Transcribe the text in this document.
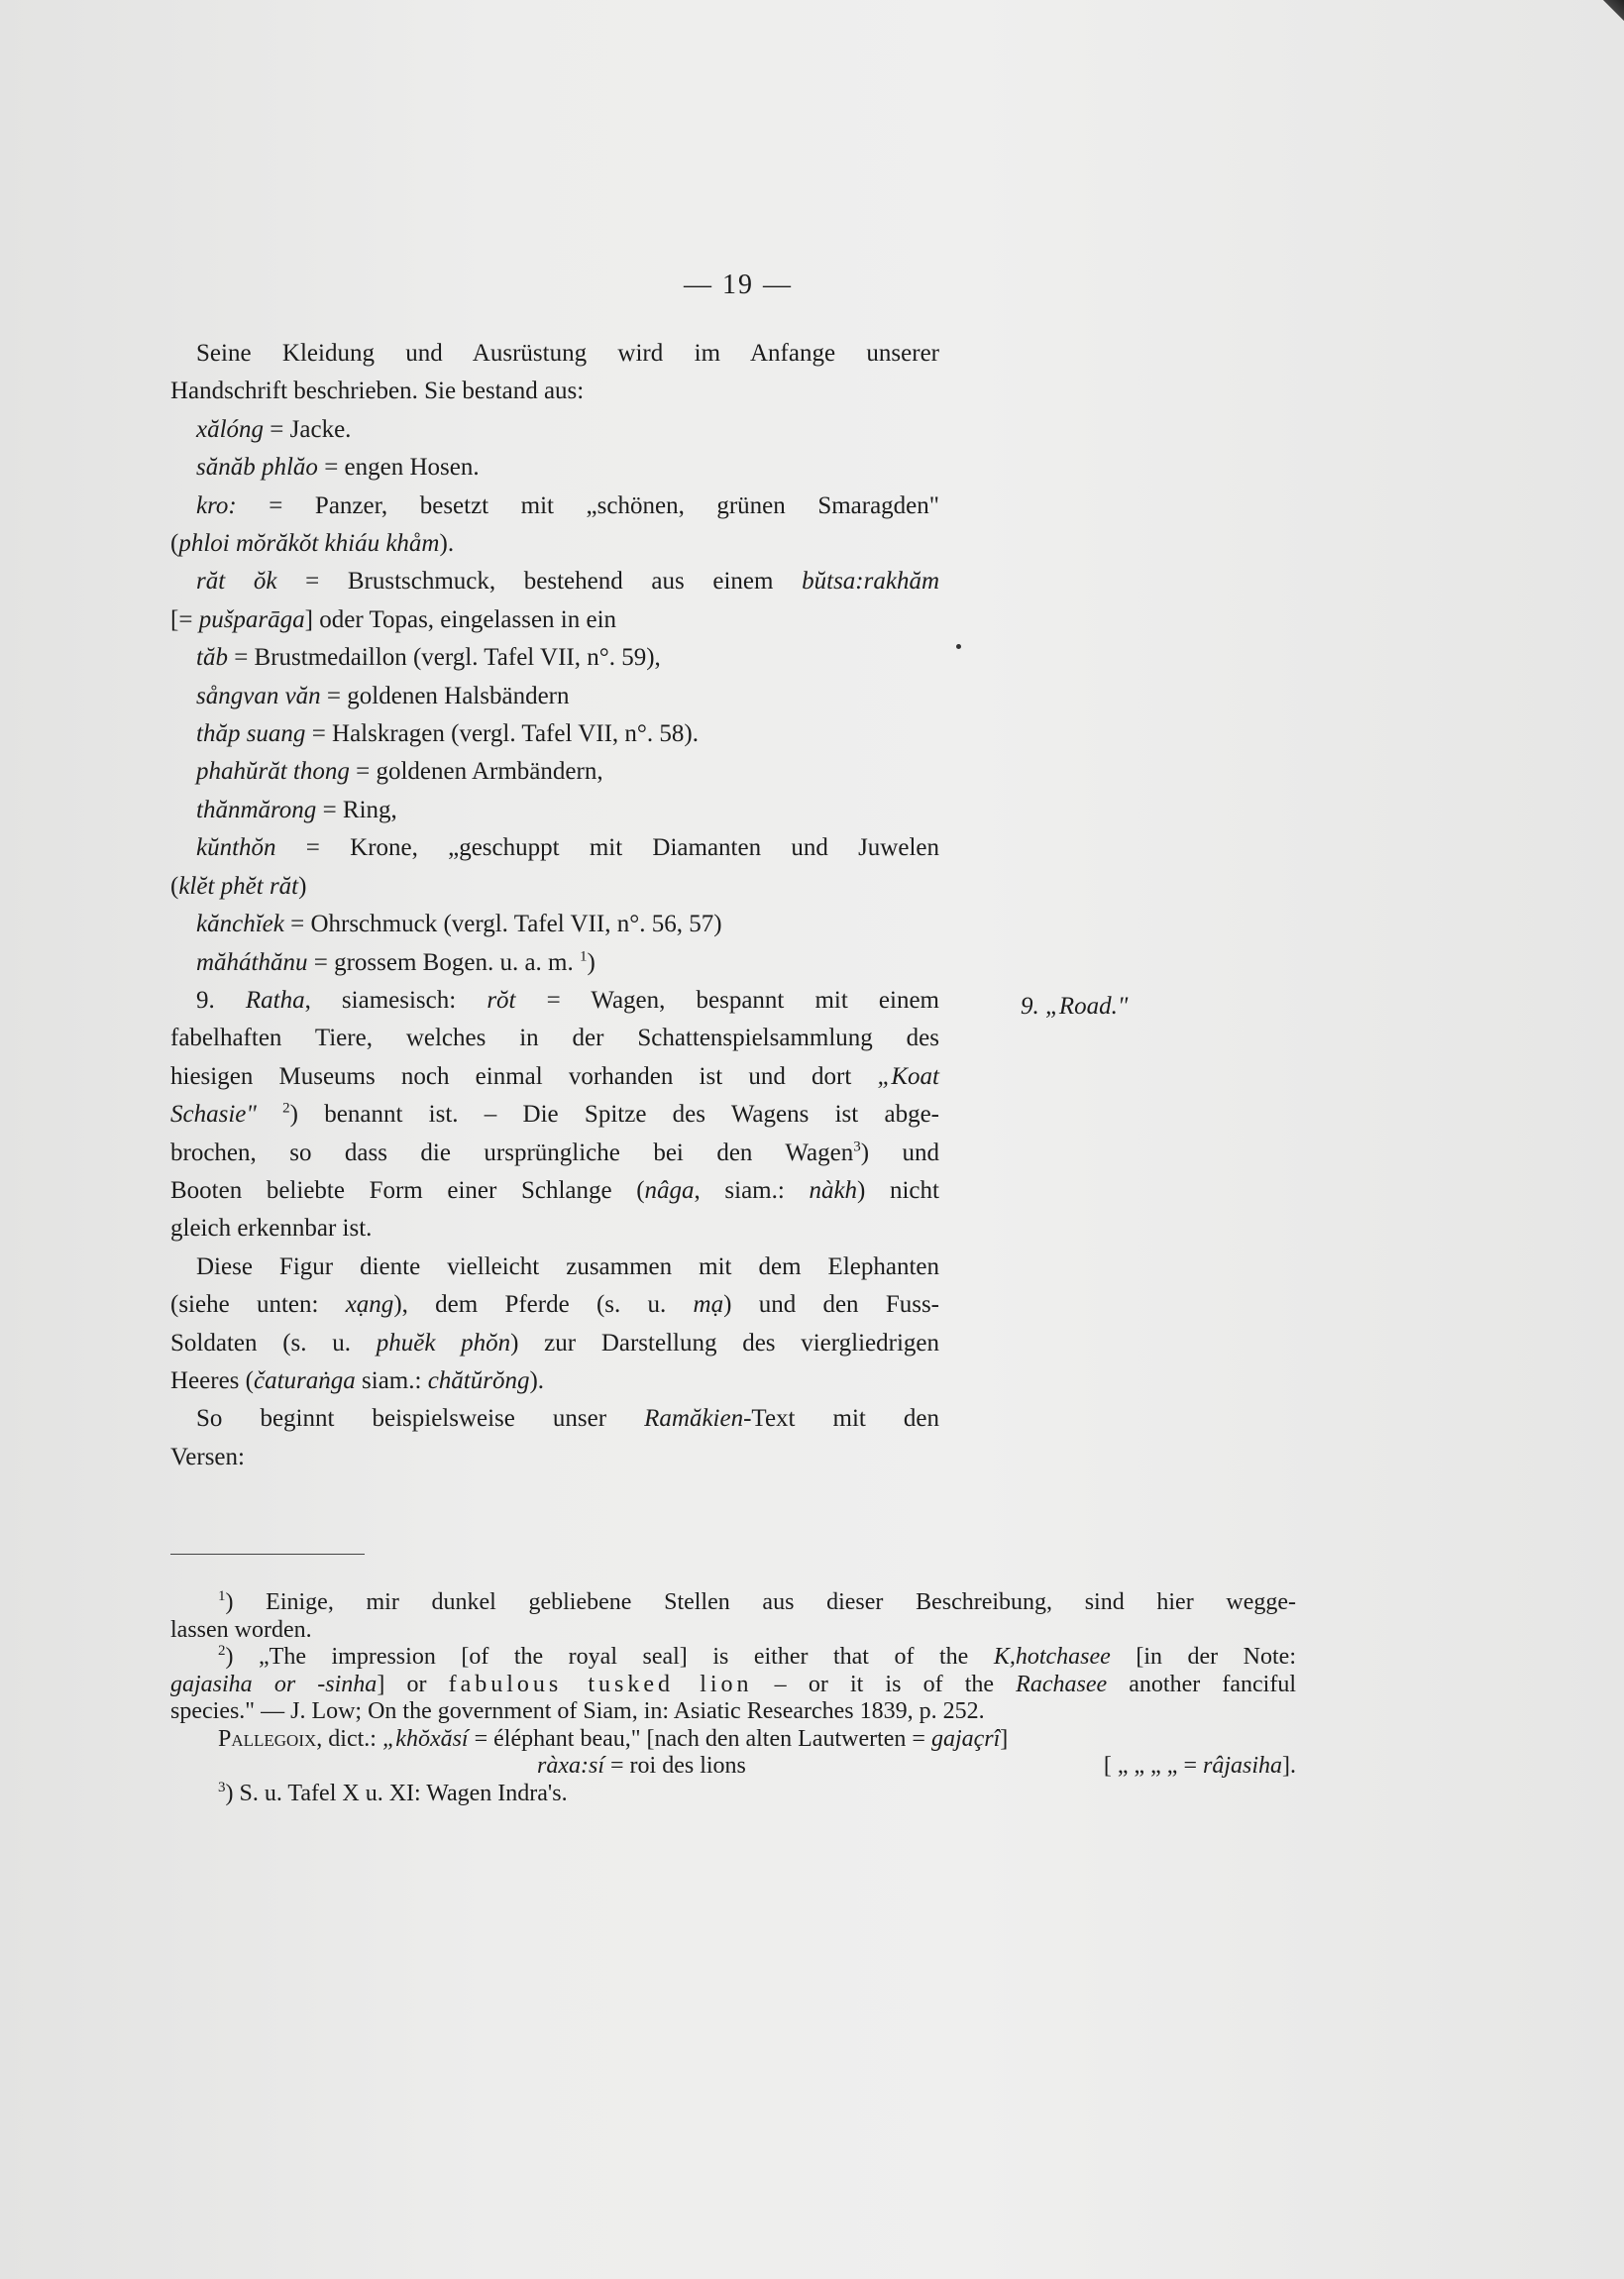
— 19 —
Seine Kleidung und Ausrüstung wird im Anfange unserer
Handschrift beschrieben. Sie bestand aus:
xălóng = Jacke.
sănăb phlăo = engen Hosen.
kro: = Panzer, besetzt mit „schönen, grünen Smaragden"
(phloi mŏrăkŏt khiáu khåm).
răt ŏk = Brustschmuck, bestehend aus einem bŭtsa:rakhăm
[= pušparāga] oder Topas, eingelassen in ein
tăb = Brustmedaillon (vergl. Tafel VII, n°. 59),
sångvan văn = goldenen Halsbändern
thăp suang = Halskragen (vergl. Tafel VII, n°. 58).
phahŭrăt thong = goldenen Armbändern,
thănmărong = Ring,
kŭnthŏn = Krone, „geschuppt mit Diamanten und Juwelen
(klĕt phĕt răt)
kănchĭek = Ohrschmuck (vergl. Tafel VII, n°. 56, 57)
măháthănu = grossem Bogen. u. a. m. $^1$)
9. Ratha, siamesisch: rŏt = Wagen, bespannt mit einem
fabelhaften Tiere, welches in der Schattenspielsammlung des
hiesigen Museums noch einmal vorhanden ist und dort „Koat
Schasie" $^2$) benannt ist. – Die Spitze des Wagens ist abge-
brochen, so dass die ursprüngliche bei den Wagen$^3$) und
Booten beliebte Form einer Schlange (nâga, siam.: nàkh) nicht
gleich erkennbar ist.
Diese Figur diente vielleicht zusammen mit dem Elephanten
(siehe unten: xạng), dem Pferde (s. u. mạ) und den Fuss-
Soldaten (s. u. phuĕk phŏn) zur Darstellung des viergliedrigen
Heeres (čaturaṅga siam.: chătŭrŏng).
So beginnt beispielsweise unser Ramăkien-Text mit den
Versen:
9. „Road."
$^1$) Einige, mir dunkel gebliebene Stellen aus dieser Beschreibung, sind hier wegge-
lassen worden.
$^2$) „The impression [of the royal seal] is either that of the K,hotchasee [in der Note:
gajasiha or -sinha] or fabulous tusked lion – or it is of the Rachasee another fanciful
species." — J. Low; On the government of Siam, in: Asiatic Researches 1839, p. 252.
Pallegoix, dict.: „khŏxăsí = éléphant beau," [nach den alten Lautwerten = gajaçrî]
ràxa:sí = roi des lions	[ „ „ „ „ = râjasiha].
$^3$) S. u. Tafel X u. XI: Wagen Indra's.
